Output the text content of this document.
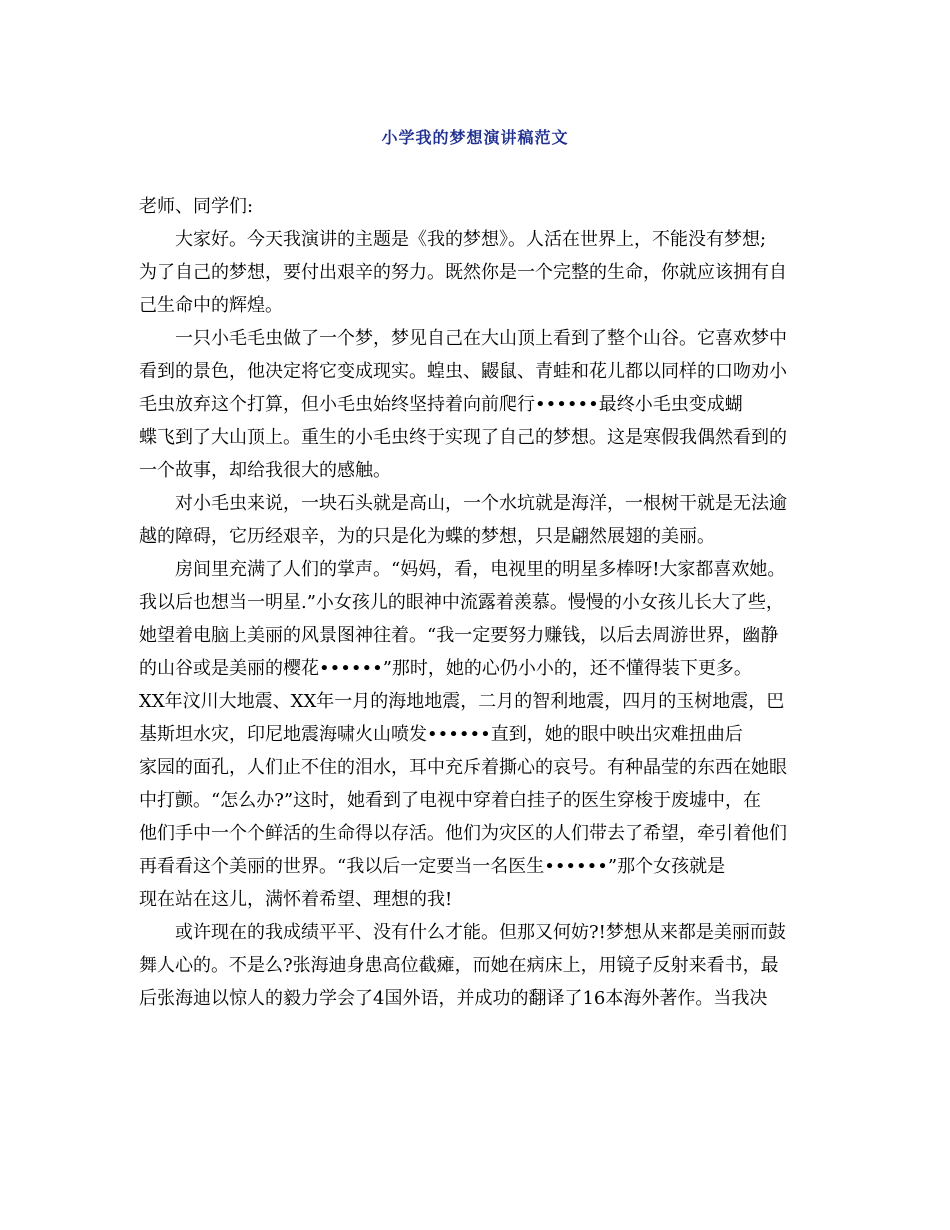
小学我的梦想演讲稿范文

老师、同学们:

大家好。今天我演讲的主题是《我的梦想》。人活在世界上，不能没有梦想;
为了自己的梦想，要付出艰辛的努力。既然你是一个完整的生命，你就应该拥有自
己生命中的辉煌。

一只小毛毛虫做了一个梦，梦见自己在大山顶上看到了整个山谷。它喜欢梦中
看到的景色，他决定将它变成现实。蝗虫、鼹鼠、青蛙和花儿都以同样的口吻劝小
毛虫放弃这个打算，但小毛虫始终坚持着向前爬行••••••最终小毛虫变成蝴
蝶飞到了大山顶上。重生的小毛虫终于实现了自己的梦想。这是寒假我偶然看到的
一个故事，却给我很大的感触。

对小毛虫来说，一块石头就是高山，一个水坑就是海洋，一根树干就是无法逾
越的障碍，它历经艰辛，为的只是化为蝶的梦想，只是翩然展翅的美丽。

房间里充满了人们的掌声。“妈妈，看，电视里的明星多棒呀!大家都喜欢她。
我以后也想当一明星.”小女孩儿的眼神中流露着羡慕。慢慢的小女孩儿长大了些，
她望着电脑上美丽的风景图神往着。“我一定要努力赚钱，以后去周游世界，幽静
的山谷或是美丽的樱花••••••”那时，她的心仍小小的，还不懂得装下更多。
XX年汶川大地震、XX年一月的海地地震，二月的智利地震，四月的玉树地震，巴
基斯坦水灾，印尼地震海啸火山喷发••••••直到，她的眼中映出灾难扭曲后
家园的面孔，人们止不住的泪水，耳中充斥着撕心的哀号。有种晶莹的东西在她眼
中打颤。“怎么办?”这时，她看到了电视中穿着白挂子的医生穿梭于废墟中，在
他们手中一个个鲜活的生命得以存活。他们为灾区的人们带去了希望，牵引着他们
再看看这个美丽的世界。“我以后一定要当一名医生••••••”那个女孩就是
现在站在这儿，满怀着希望、理想的我!

或许现在的我成绩平平、没有什么才能。但那又何妨?!梦想从来都是美丽而鼓
舞人心的。不是么?张海迪身患高位截瘫，而她在病床上，用镜子反射来看书，最
后张海迪以惊人的毅力学会了4国外语，并成功的翻译了16本海外著作。当我决
